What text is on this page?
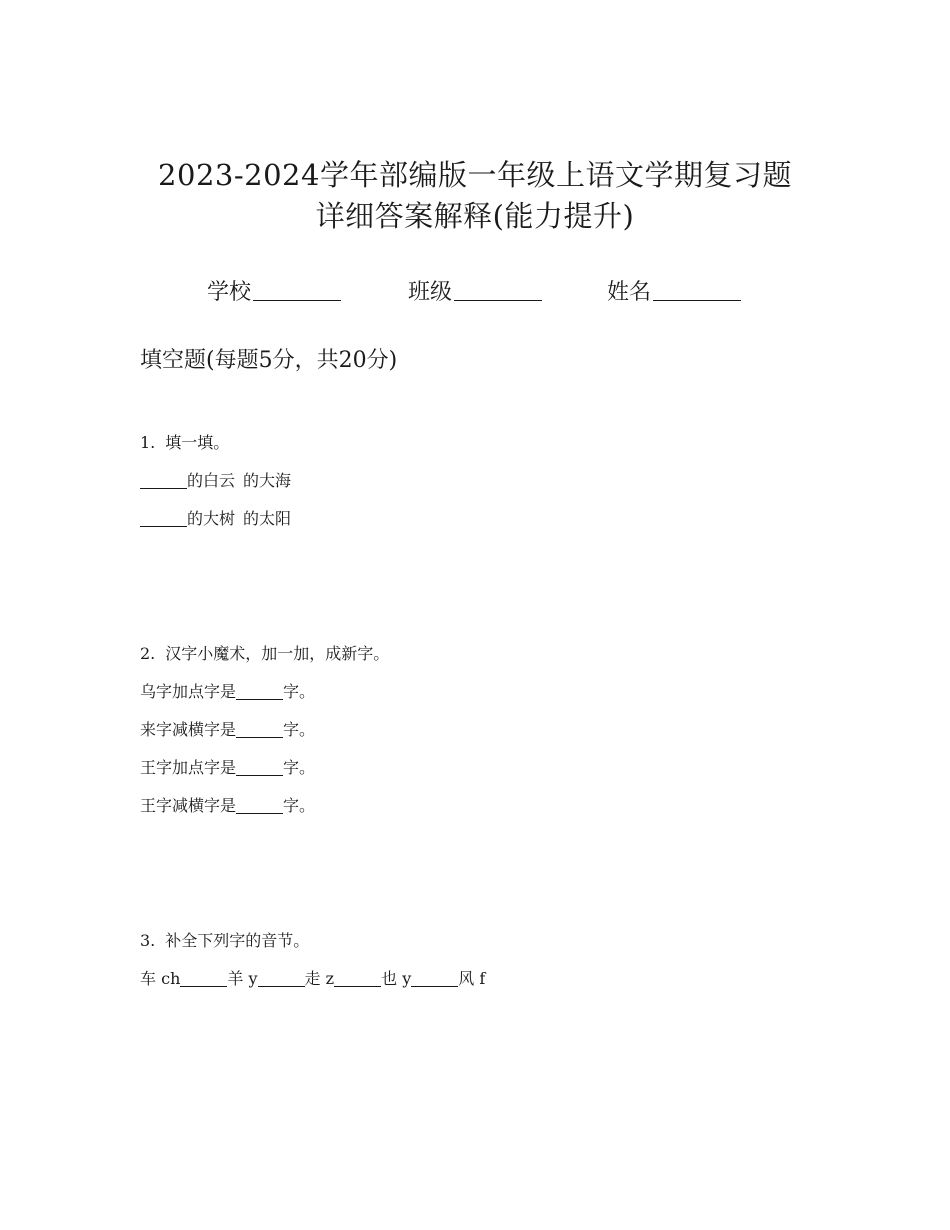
2023-2024学年部编版一年级上语文学期复习题
详细答案解释(能力提升)
学校	班级	姓名
填空题(每题5分，共20分)
1. 填一填。
的白云 的大海
的大树 的太阳
2. 汉字小魔术，加一加，成新字。
乌字加点字是	字。
来字减横字是	字。
王字加点字是	字。
王字减横字是	字。
3. 补全下列字的音节。
车 ch	羊 y	走 z	也 y	风 f
